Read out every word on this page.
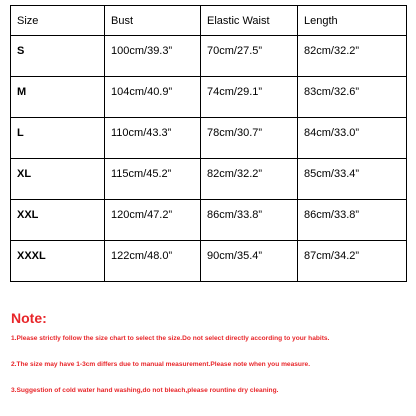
Size	Bust	Elastic Waist	Length
S	100cm/39.3”	70cm/27.5”	82cm/32.2”
M	104cm/40.9”	74cm/29.1”	83cm/32.6”
L	110cm/43.3”	78cm/30.7”	84cm/33.0”
XL	115cm/45.2”	82cm/32.2”	85cm/33.4”
XXL	120cm/47.2”	86cm/33.8”	86cm/33.8”
XXXL	122cm/48.0”	90cm/35.4”	87cm/34.2”

Note:

1.Please strictly follow the size chart to select the size.Do not select directly according to your habits.
2.The size may have 1-3cm differs due to manual measurement.Please note when you measure.
3.Suggestion of cold water hand washing,do not bleach,please rountine dry cleaning.
